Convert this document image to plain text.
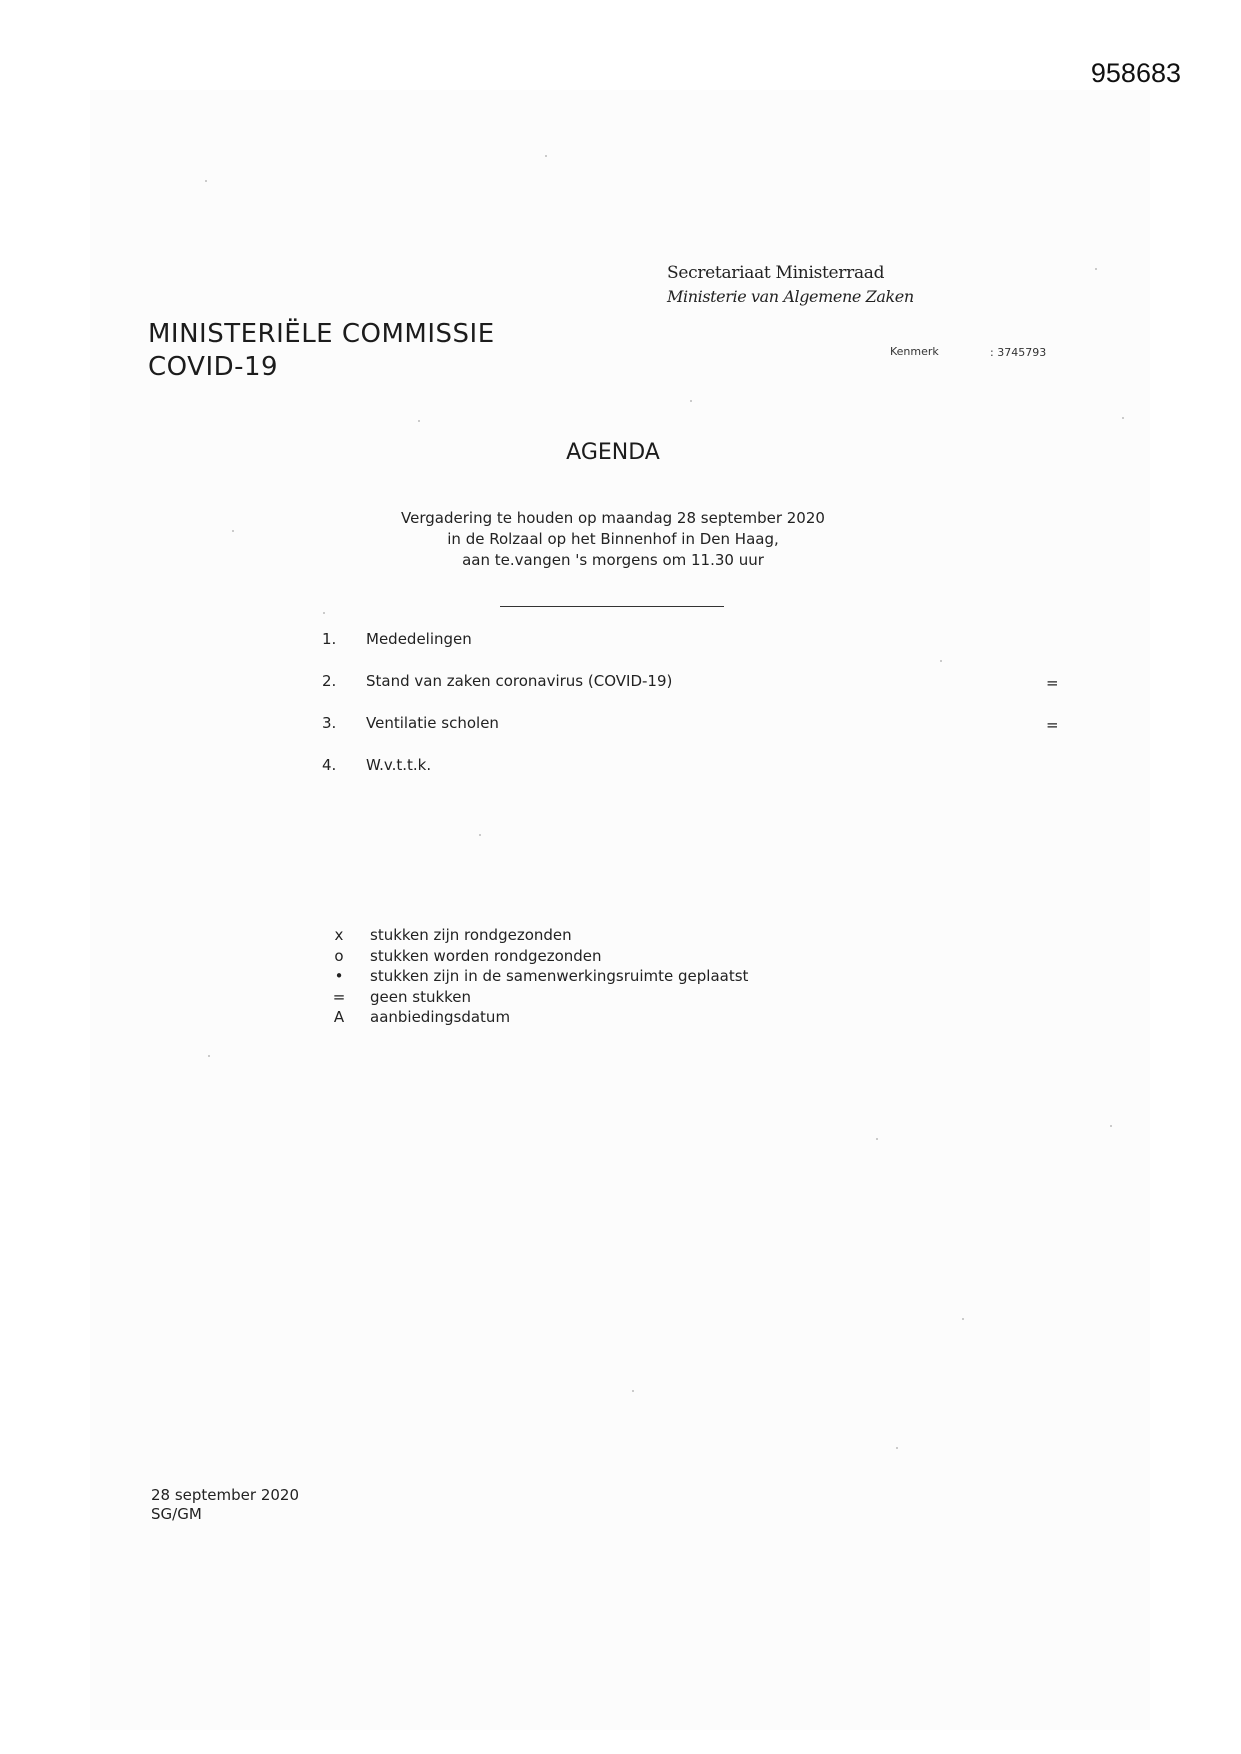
958683
Secretariaat Ministerraad
Ministerie van Algemene Zaken
MINISTERIËLE COMMISSIE
COVID-19
Kenmerk	: 3745793
AGENDA
Vergadering te houden op maandag 28 september 2020
in de Rolzaal op het Binnenhof in Den Haag,
aan te.vangen 's morgens om 11.30 uur
1. Mededelingen
2. Stand van zaken coronavirus (COVID-19)	=
3. Ventilatie scholen	=
4. W.v.t.t.k.
x	stukken zijn rondgezonden
o	stukken worden rondgezonden
•	stukken zijn in de samenwerkingsruimte geplaatst
=	geen stukken
A	aanbiedingsdatum
28 september 2020
SG/GM
